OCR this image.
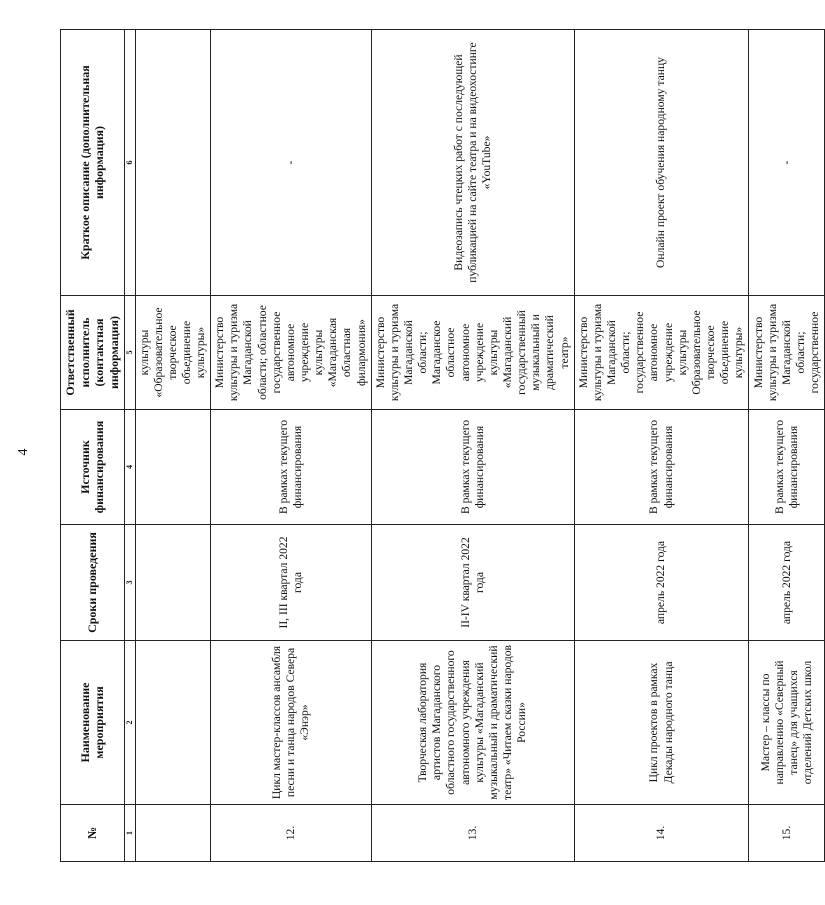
4
№	Наименование мероприятия	Сроки проведения	Источник финансирования	Ответственный исполнитель (контактная информация)	Краткое описание (дополнительная информация)
1	2	3	4	5	6
				культуры «Образовательное творческое объединение культуры»	
12.	Цикл мастер-классов ансамбля песни и танца народов Севера «Энэр»	II, III квартал 2022 года	В рамках текущего финансирования	Министерство культуры и туризма Магаданской области; областное государственное автономное учреждение культуры «Магаданская областная филармония»	-
13.	Творческая лаборатория артистов Магаданского областного государственного автономного учреждения культуры «Магаданский музыкальный и драматический театр» «Читаем сказки народов России»	II-IV квартал 2022 года	В рамках текущего финансирования	Министерство культуры и туризма Магаданской области; Магаданское областное автономное учреждение культуры «Магаданский государственный музыкальный и драматический театр»	Видеозапись чтецких работ с последующей публикацией на сайте театра и на видеохостинге «YouTube»
14.	Цикл проектов в рамках Декады народного танца	апрель 2022 года	В рамках текущего финансирования	Министерство культуры и туризма Магаданской области; государственное автономное учреждение культуры Образовательное творческое объединение культуры»	Онлайн проект обучения народному танцу
15.	Мастер – классы по направлению «Северный танец» для учащихся отделений Детских школ	апрель 2022 года	В рамках текущего финансирования	Министерство культуры и туризма Магаданской области; государственное	-
